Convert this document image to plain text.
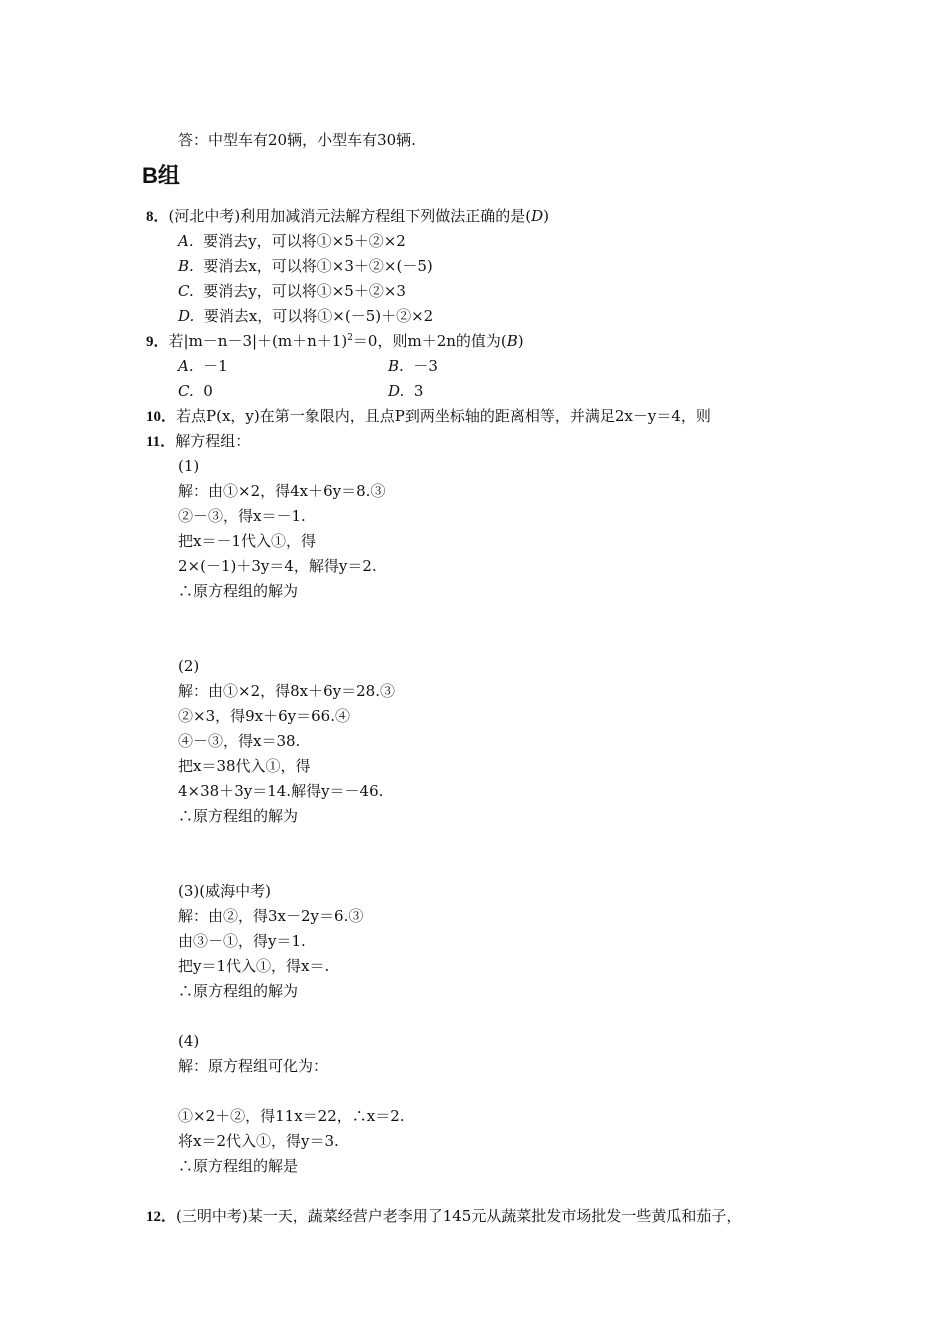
答：中型车有20辆，小型车有30辆.
B组
8．(河北中考)利用加减消元法解方程组下列做法正确的是(D)
A. 要消去y，可以将①×5＋②×2
B. 要消去x，可以将①×3＋②×(－5)
C. 要消去y，可以将①×5＋②×3
D. 要消去x，可以将①×(－5)＋②×2
9．若$|m-n-3|+(m+n+1)^2=0$，则m＋2n的值为(B)
A. －1	B. －3
C. 0	D. 3
10．若点P(x，y)在第一象限内，且点P到两坐标轴的距离相等，并满足2x－y＝4，则
11．解方程组：
(1)
解：由①×2，得4x＋6y＝8.③
②－③，得x＝－1.
把x＝－1代入①，得
2×(－1)＋3y＝4，解得y＝2.
∴原方程组的解为
(2)
解：由①×2，得8x＋6y＝28.③
②×3，得9x＋6y＝66.④
④－③，得x＝38.
把x＝38代入①，得
4×38＋3y＝14.解得y＝－46.
∴原方程组的解为
(3)(威海中考)
解：由②，得3x－2y＝6.③
由③－①，得y＝1.
把y＝1代入①，得x＝.
∴原方程组的解为
(4)
解：原方程组可化为：
①×2＋②，得11x＝22，∴x＝2.
将x＝2代入①，得y＝3.
∴原方程组的解是
12．(三明中考)某一天，蔬菜经营户老李用了145元从蔬菜批发市场批发一些黄瓜和茄子，
